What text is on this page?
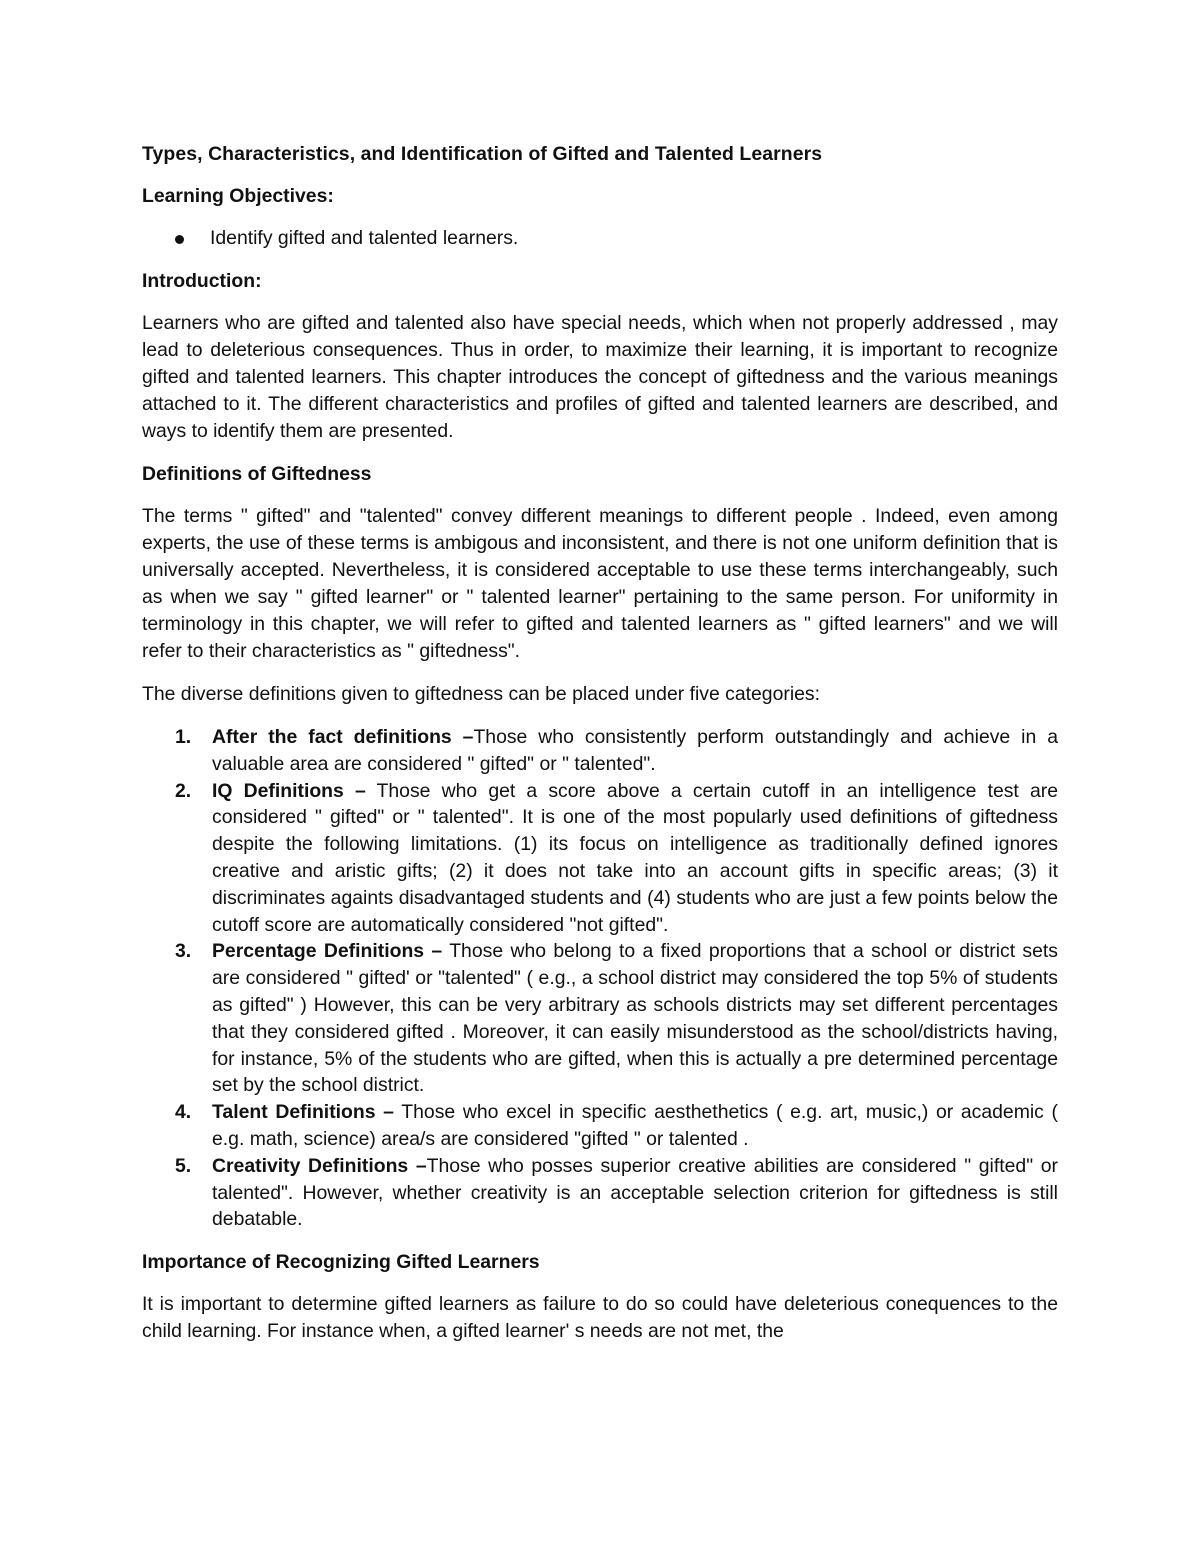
Types, Characteristics, and Identification of Gifted and Talented Learners
Learning Objectives:
Identify gifted and talented learners.
Introduction:

Learners who are gifted and talented also have special needs, which when not properly addressed , may lead to deleterious consequences. Thus in order, to maximize their learning, it is important to recognize gifted and talented learners. This chapter introduces the concept of giftedness and the various meanings attached to it. The different characteristics and profiles of gifted and talented learners are described, and ways to identify them are presented.

Definitions of Giftedness

The terms " gifted" and "talented" convey different meanings to different people . Indeed, even among experts, the use of these terms is ambigous and inconsistent, and there is not one uniform definition that is universally accepted. Nevertheless, it is considered acceptable to use these terms interchangeably, such as when we say " gifted learner" or " talented learner" pertaining to the same person. For uniformity in terminology in this chapter, we will refer to gifted and talented learners as " gifted learners" and we will refer to their characteristics as " giftedness".

The diverse definitions given to giftedness can be placed under five categories:

1. After the fact definitions –Those who consistently perform outstandingly and achieve in a valuable area are considered " gifted" or " talented".
2. IQ Definitions – Those who get a score above a certain cutoff in an intelligence test are considered " gifted" or " talented". It is one of the most popularly used definitions of giftedness despite the following limitations. (1) its focus on intelligence as traditionally defined ignores creative and aristic gifts; (2) it does not take into an account gifts in specific areas; (3) it discriminates againts disadvantaged students and (4) students who are just a few points below the cutoff score are automatically considered "not gifted".
3. Percentage Definitions – Those who belong to a fixed proportions that a school or district sets are considered " gifted' or "talented" ( e.g., a school district may considered the top 5% of students as gifted" ) However, this can be very arbitrary as schools districts may set different percentages that they considered gifted . Moreover, it can easily misunderstood as the school/districts having, for instance, 5% of the students who are gifted, when this is actually a pre determined percentage set by the school district.
4. Talent Definitions – Those who excel in specific aesthethetics ( e.g. art, music,) or academic ( e.g. math, science) area/s are considered "gifted " or talented .
5. Creativity Definitions –Those who posses superior creative abilities are considered " gifted" or talented". However, whether creativity is an acceptable selection criterion for giftedness is still debatable.
Importance of Recognizing Gifted Learners

It is important to determine gifted learners as failure to do so could have deleterious conequences to the child learning. For instance when, a gifted learner' s needs are not met, the
